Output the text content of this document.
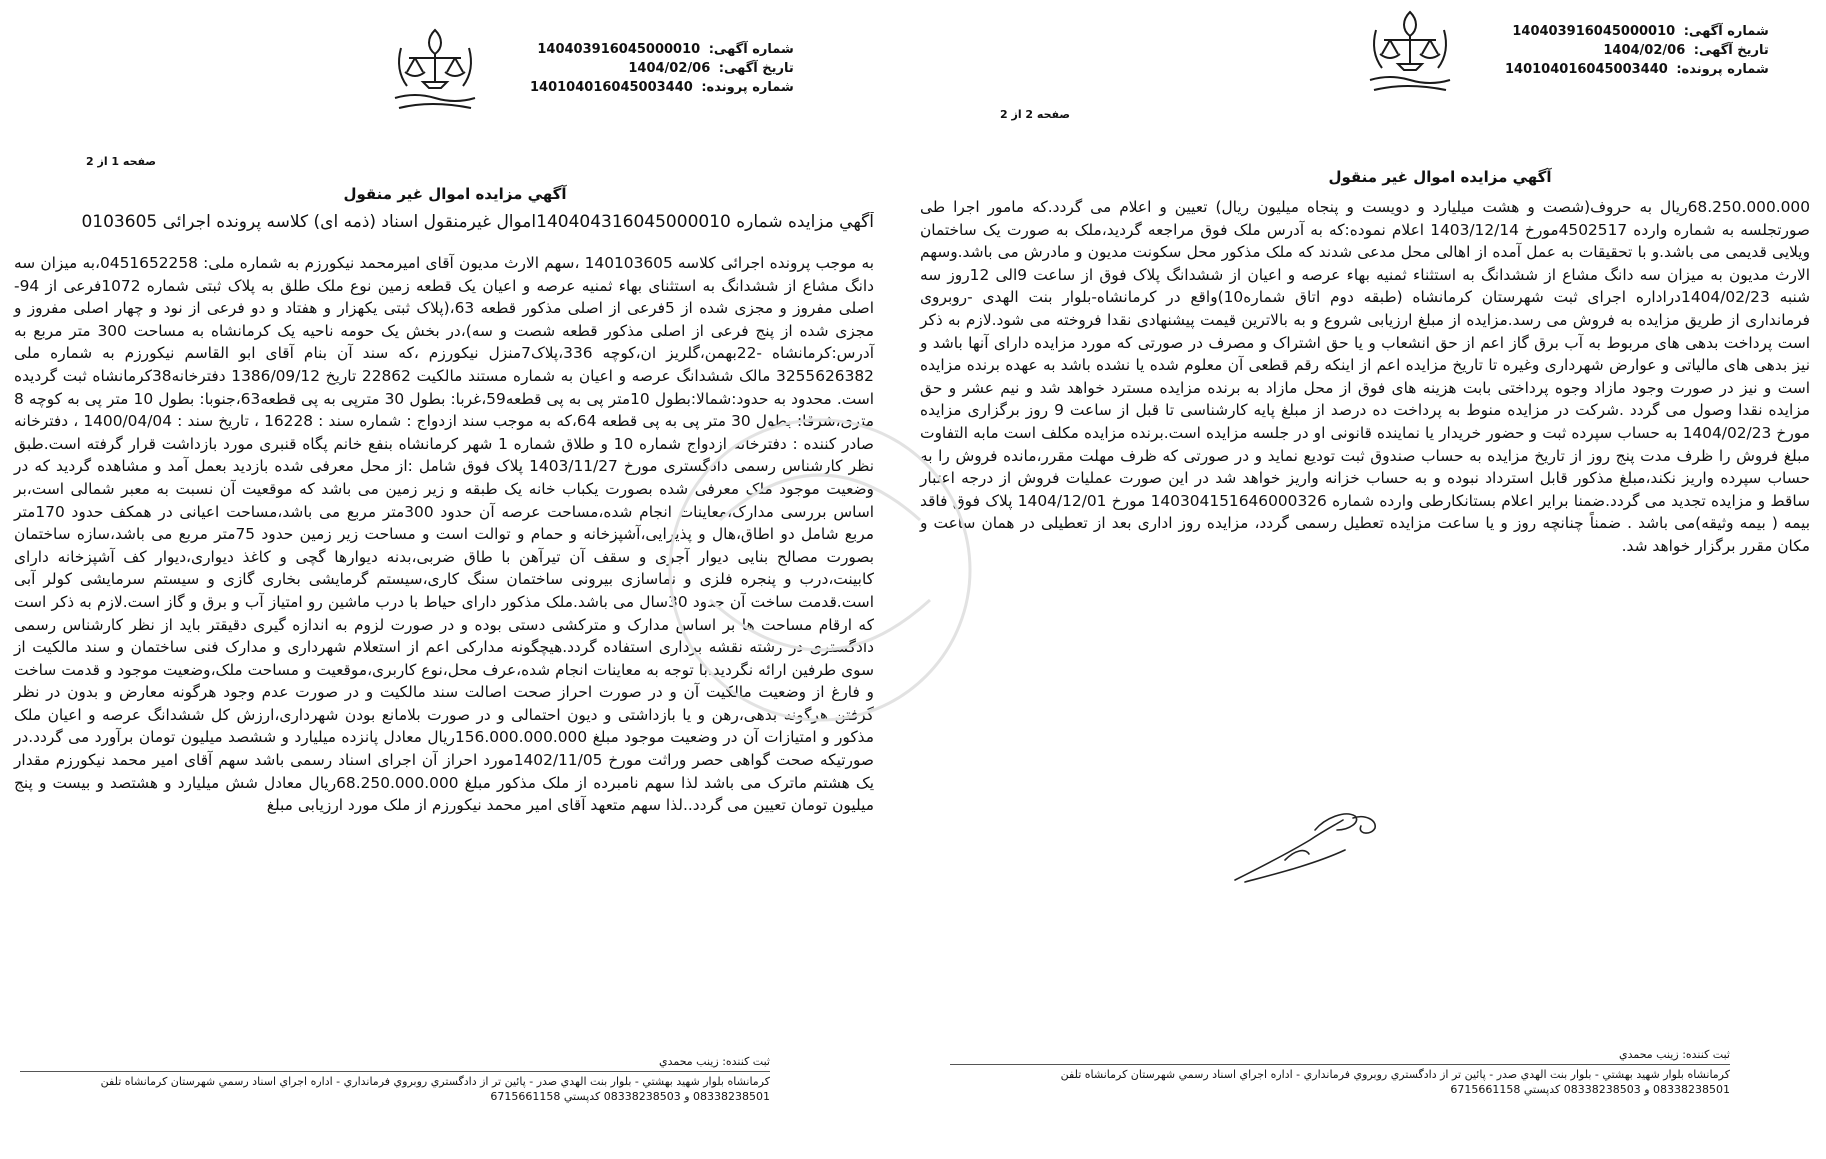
شماره آگهی: 140403916045000010
تاریخ آگهی: 1404/02/06
شماره پرونده: 140104016045003440
صفحه 1 از 2
آگهي مزايده اموال غير منقول
آگهي مزايده شماره 140404316045000010اموال غيرمنقول اسناد (ذمه اى) كلاسه پرونده اجرائى 0103605
به موجب پرونده اجرائى كلاسه 140103605 ،سهم الارث مديون آقاى اميرمحمد نيكورزم به شماره ملى: 0451652258،به ميزان سه دانگ مشاع از ششدانگ به استثناى بهاء ثمنيه عرصه و اعيان يک قطعه زمين نوع ملک طلق به پلاک ثبتى شماره 1072فرعى از 94-اصلى مفروز و مجزى شده از 5فرعى از اصلى مذكور قطعه 63،(پلاک ثبتى يكهزار و هفتاد و دو فرعى از نود و چهار اصلى مفروز و مجزى شده از پنج فرعى از اصلى مذكور قطعه شصت و سه)،در بخش يک حومه ناحيه يک كرمانشاه به مساحت 300 متر مربع به آدرس:كرمانشاه -22بهمن،گلريز ان،كوچه 336،پلاک7منزل نيكورزم ،كه سند آن بنام آقاى ابو القاسم نيكورزم به شماره ملى 3255626382 مالک ششدانگ عرصه و اعيان به شماره مستند مالكيت 22862 تاريخ 1386/09/12 دفترخانه38كرمانشاه ثبت گرديده است. محدود به حدود:شمالا:بطول 10متر پى به پى قطعه59،غربا: بطول 30 مترپى به پى قطعه63،جنوبا: بطول 10 متر پى به كوچه 8 مترى،شرقا: بطول 30 متر پى به پى قطعه 64،كه به موجب سند ازدواج : شماره سند : 16228 ، تاريخ سند : 1400/04/04 ، دفترخانه صادر كننده : دفترخانه ازدواج شماره 10 و طلاق شماره 1 شهر كرمانشاه بنفع خانم پگاه قنبرى مورد بازداشت قرار گرفته است.طبق نظر كارشناس رسمى دادگسترى مورخ 1403/11/27 پلاک فوق شامل :از محل معرفى شده بازديد بعمل آمد و مشاهده گرديد كه در وضعيت موجود ملک معرفى شده بصورت يكباب خانه يک طبقه و زير زمين مى باشد كه موقعيت آن نسبت به معبر شمالى است،بر اساس بررسى مدارک،معاينات انجام شده،مساحت عرصه آن حدود 300متر مربع مى باشد،مساحت اعيانى در همكف حدود 170متر مربع شامل دو اطاق،هال و پذيرايى،آشپزخانه و حمام و توالت است و مساحت زير زمين حدود 75متر مربع مى باشد،سازه ساختمان بصورت مصالح بنايى ديوار آجرى و سقف آن تيرآهن با طاق ضربى،بدنه ديوارها گچى و كاغذ ديوارى،ديوار كف آشپزخانه داراى كابينت،درب و پنجره فلزى و نماسازى بيرونى ساختمان سنگ كارى،سيستم گرمايشى بخارى گازى و سيستم سرمايشى كولر آبى است.قدمت ساخت آن حدود 30سال مى باشد.ملک مذكور داراى حياط با درب ماشين رو امتياز آب و برق و گاز است.لازم به ذكر است كه ارقام مساحت ها بر اساس مدارک و متركشى دستى بوده و در صورت لزوم به اندازه گيرى دقيقتر بايد از نظر كارشناس رسمى دادگسترى در رشته نقشه بردارى استفاده گردد.هيچگونه مداركى اعم از استعلام شهردارى و مدارک فنى ساختمان و سند مالكيت از سوى طرفين ارائه نگرديد.با توجه به معاينات انجام شده،عرف محل،نوع كاربرى،موقعيت و مساحت ملک،وضعيت موجود و قدمت ساخت و فارغ از وضعيت مالكيت آن و در صورت احراز صحت اصالت سند مالكيت و در صورت عدم وجود هرگونه معارض و بدون در نظر گرفتن هرگونه بدهى،رهن و يا بازداشتى و ديون احتمالى و در صورت بلامانع بودن شهردارى،ارزش كل ششدانگ عرصه و اعيان ملک مذكور و امتيازات آن در وضعيت موجود مبلغ 156.000.000.000ريال معادل پانزده ميليارد و ششصد ميليون تومان برآورد مى گردد.در صورتيكه صحت گواهى حصر وراثت مورخ 1402/11/05مورد احراز آن اجراى اسناد رسمى باشد سهم آقاى امير محمد نيكورزم مقدار يک هشتم ماترک مى باشد لذا سهم نامبرده از ملک مذكور مبلغ 68.250.000.000ريال معادل شش ميليارد و هشتصد و بيست و پنج ميليون تومان تعيين مى گردد..لذا سهم متعهد آقاى امير محمد نيكورزم از ملک مورد ارزيابى مبلغ
ثبت كننده: زينب محمدي
كرمانشاه بلوار شهيد بهشتي - بلوار بنت الهدي صدر - پائين تر از دادگستري روبروي فرمانداري - اداره اجراي اسناد رسمي شهرستان كرمانشاه تلفن
08338238501 و 08338238503 كدپستي 6715661158
شماره آگهی: 140403916045000010
تاریخ آگهی: 1404/02/06
شماره پرونده: 140104016045003440
صفحه 2 از 2
آگهي مزايده اموال غير منقول
68.250.000.000ريال به حروف(شصت و هشت ميليارد و دويست و پنجاه ميليون ريال) تعيين و اعلام مى گردد.كه مامور اجرا طى صورتجلسه به شماره وارده 4502517مورخ 1403/12/14 اعلام نموده:كه به آدرس ملک فوق مراجعه گرديد،ملک به صورت يک ساختمان ويلايى قديمى مى باشد.و با تحقيقات به عمل آمده از اهالى محل مدعى شدند كه ملک مذكور محل سكونت مديون و مادرش مى باشد.وسهم الارث مديون به ميزان سه دانگ مشاع از ششدانگ به استثناء ثمنيه بهاء عرصه و اعيان از ششدانگ پلاک فوق از ساعت 9الى 12روز سه شنبه 1404/02/23دراداره اجراى ثبت شهرستان كرمانشاه (طبقه دوم اتاق شماره10)واقع در كرمانشاه-بلوار بنت الهدى -روبروى فرماندارى از طريق مزايده به فروش مى رسد.مزايده از مبلغ ارزيابى شروع و به بالاترين قيمت پيشنهادى نقدا فروخته مى شود.لازم به ذكر است پرداخت بدهى هاى مربوط به آب برق گاز اعم از حق انشعاب و يا حق اشتراک و مصرف در صورتى كه مورد مزايده داراى آنها باشد و نيز بدهى هاى مالياتى و عوارض شهردارى وغيره تا تاريخ مزايده اعم از اينكه رقم قطعى آن معلوم شده يا نشده باشد به عهده برنده مزايده است و نيز در صورت وجود مازاد وجوه پرداختى بابت هزينه هاى فوق از محل مازاد به برنده مزايده مسترد خواهد شد و نيم عشر و حق مزايده نقدا وصول مى گردد .شركت در مزايده منوط به پرداخت ده درصد از مبلغ پايه كارشناسى تا قبل از ساعت 9 روز برگزارى مزايده مورخ 1404/02/23 به حساب سپرده ثبت و حضور خريدار يا نماينده قانونى او در جلسه مزايده است.برنده مزايده مكلف است مابه التفاوت مبلغ فروش را ظرف مدت پنج روز از تاريخ مزايده به حساب صندوق ثبت توديع نمايد و در صورتى كه ظرف مهلت مقرر،مانده فروش را به حساب سپرده واريز نكند،مبلغ مذكور قابل استرداد نبوده و به حساب خزانه واريز خواهد شد در اين صورت عمليات فروش از درجه اعتبار ساقط و مزايده تجديد مى گردد.ضمنا براير اعلام بستانكارطى وارده شماره 140304151646000326 مورخ 1404/12/01 پلاک فوق فاقد بيمه ( بيمه وثيقه)مى باشد . ضمناً چنانچه روز و يا ساعت مزايده تعطيل رسمى گردد، مزايده روز ادارى بعد از تعطيلى در همان ساعت و مكان مقرر برگزار خواهد شد.
ثبت كننده: زينب محمدي
كرمانشاه بلوار شهيد بهشتي - بلوار بنت الهدي صدر - پائين تر از دادگستري روبروي فرمانداري - اداره اجراي اسناد رسمي شهرستان كرمانشاه تلفن
08338238501 و 08338238503 كدپستي 6715661158
